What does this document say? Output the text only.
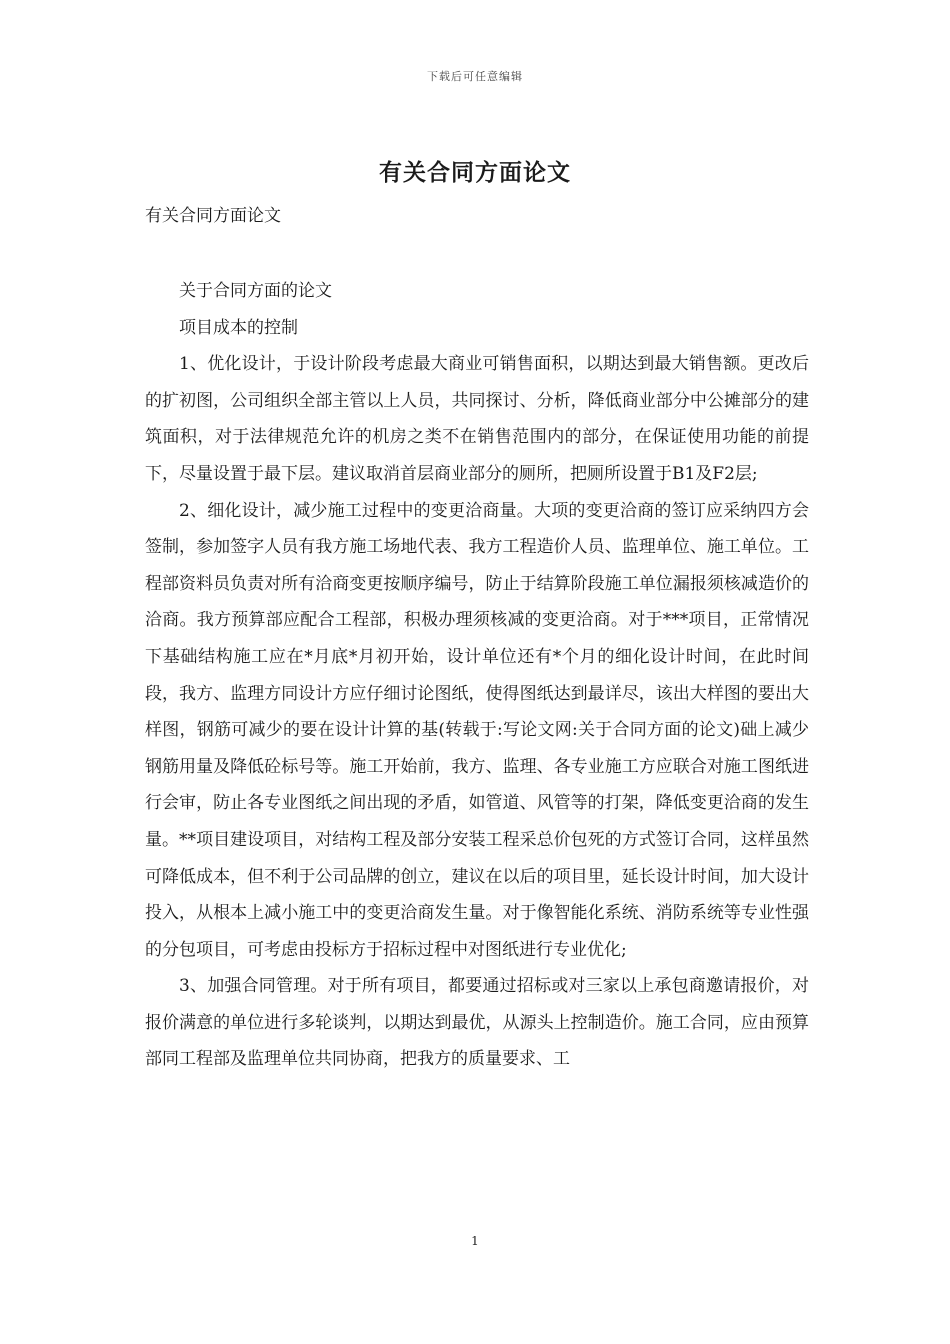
下载后可任意编辑
有关合同方面论文
有关合同方面论文

关于合同方面的论文

项目成本的控制

1、优化设计，于设计阶段考虑最大商业可销售面积，以期达到最大销售额。更改后的扩初图，公司组织全部主管以上人员，共同探讨、分析，降低商业部分中公摊部分的建筑面积，对于法律规范允许的机房之类不在销售范围内的部分，在保证使用功能的前提下，尽量设置于最下层。建议取消首层商业部分的厕所，把厕所设置于B1及F2层;

2、细化设计，减少施工过程中的变更洽商量。大项的变更洽商的签订应采纳四方会签制，参加签字人员有我方施工场地代表、我方工程造价人员、监理单位、施工单位。工程部资料员负责对所有洽商变更按顺序编号，防止于结算阶段施工单位漏报须核减造价的洽商。我方预算部应配合工程部，积极办理须核减的变更洽商。对于***项目，正常情况下基础结构施工应在*月底*月初开始，设计单位还有*个月的细化设计时间，在此时间段，我方、监理方同设计方应仔细讨论图纸，使得图纸达到最详尽，该出大样图的要出大样图，钢筋可减少的要在设计计算的基(转载于:写论文网:关于合同方面的论文)础上减少钢筋用量及降低砼标号等。施工开始前，我方、监理、各专业施工方应联合对施工图纸进行会审，防止各专业图纸之间出现的矛盾，如管道、风管等的打架，降低变更洽商的发生量。**项目建设项目，对结构工程及部分安装工程采总价包死的方式签订合同，这样虽然可降低成本，但不利于公司品牌的创立，建议在以后的项目里，延长设计时间，加大设计投入，从根本上减小施工中的变更洽商发生量。对于像智能化系统、消防系统等专业性强的分包项目，可考虑由投标方于招标过程中对图纸进行专业优化;

3、加强合同管理。对于所有项目，都要通过招标或对三家以上承包商邀请报价，对报价满意的单位进行多轮谈判，以期达到最优，从源头上控制造价。施工合同，应由预算部同工程部及监理单位共同协商，把我方的质量要求、工

1
